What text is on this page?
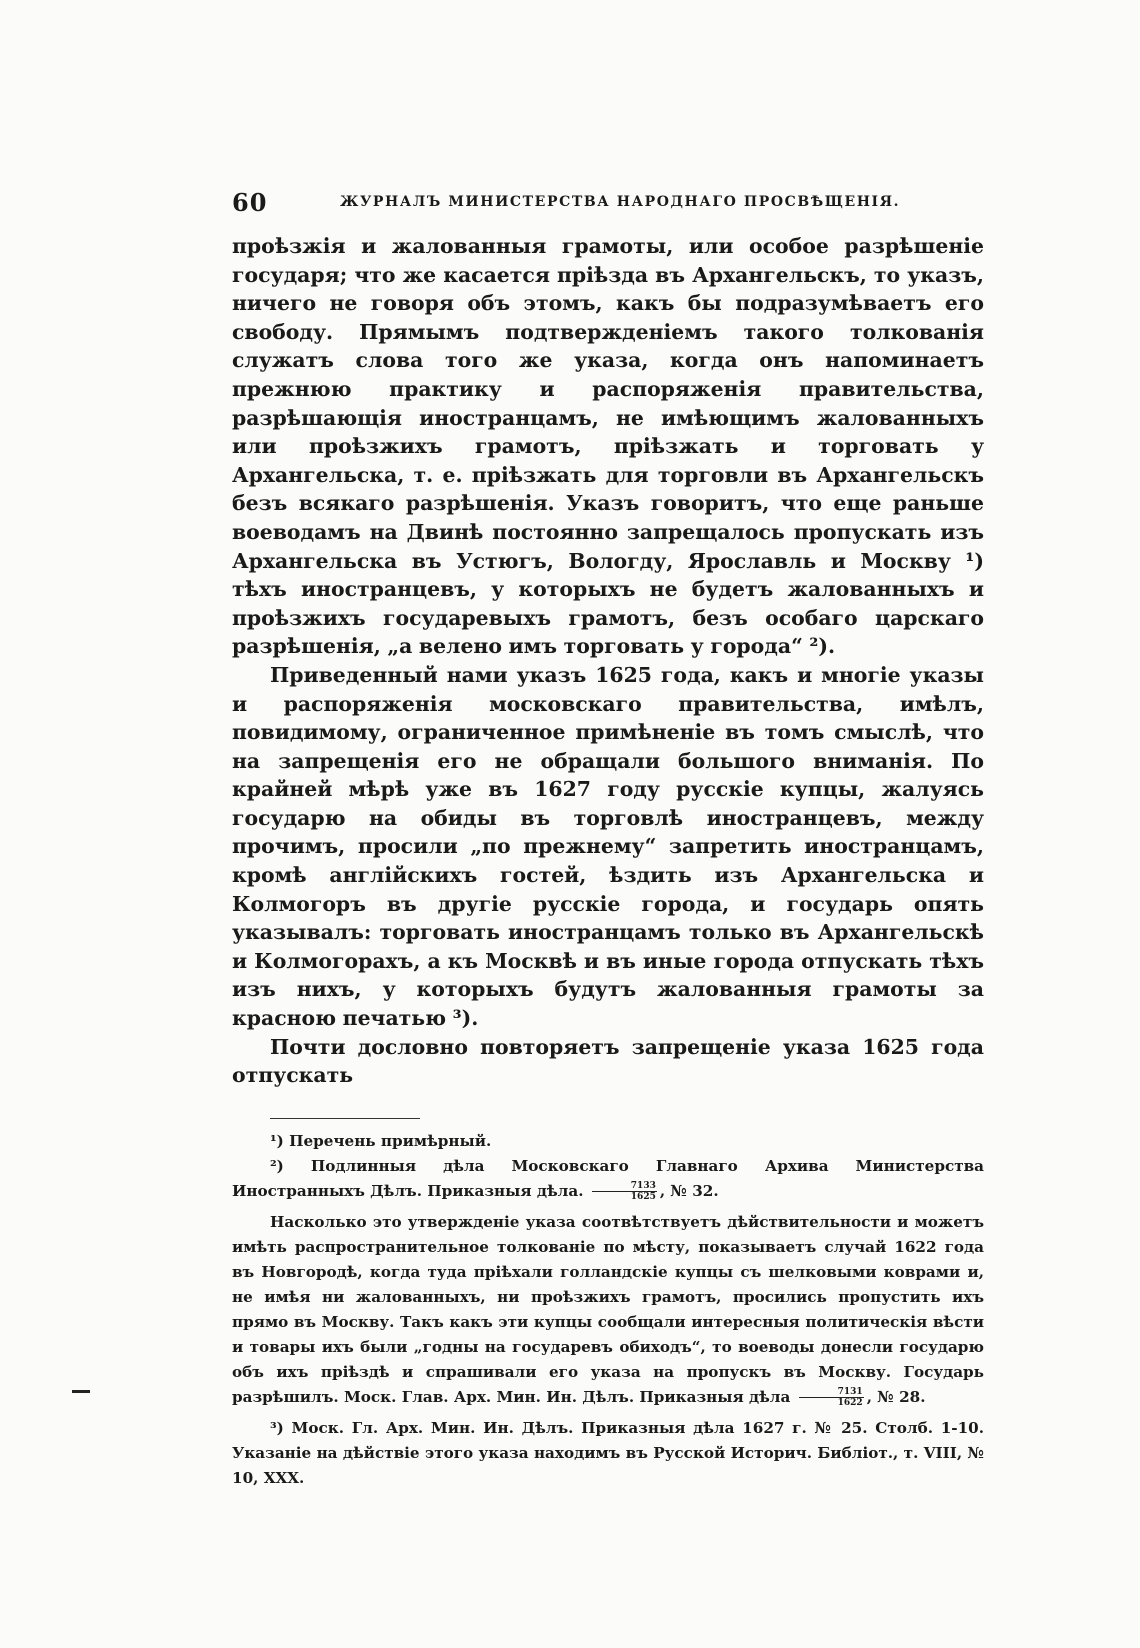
60	ЖУРНАЛЪ МИНИСТЕРСТВА НАРОДНАГО ПРОСВѢЩЕНІЯ.

проѣзжія и жалованныя грамоты, или особое разрѣшеніе государя; что же касается пріѣзда въ Архангельскъ, то указъ, ничего не говоря объ этомъ, какъ бы подразумѣваетъ его свободу. Прямымъ подтвержденіемъ такого толкованія служатъ слова того же указа, когда онъ напоминаетъ прежнюю практику и распоряженія правительства, разрѣшающія иностранцамъ, не имѣющимъ жалованныхъ или проѣзжихъ грамотъ, пріѣзжать и торговать у Архангельска, т. е. пріѣзжать для торговли въ Архангельскъ безъ всякаго разрѣшенія. Указъ говоритъ, что еще раньше воеводамъ на Двинѣ постоянно запрещалось пропускать изъ Архангельска въ Устюгъ, Вологду, Ярославль и Москву ¹) тѣхъ иностранцевъ, у которыхъ не будетъ жалованныхъ и проѣзжихъ государевыхъ грамотъ, безъ особаго царскаго разрѣшенія, „а велено имъ торговать у города“ ²).

Приведенный нами указъ 1625 года, какъ и многіе указы и распоряженія московскаго правительства, имѣлъ, повидимому, ограниченное примѣненіе въ томъ смыслѣ, что на запрещенія его не обращали большого вниманія. По крайней мѣрѣ уже въ 1627 году русскіе купцы, жалуясь государю на обиды въ торговлѣ иностранцевъ, между прочимъ, просили „по прежнему“ запретить иностранцамъ, кромѣ англійскихъ гостей, ѣздить изъ Архангельска и Колмогоръ въ другіе русскіе города, и государь опять указывалъ: торговать иностранцамъ только въ Архангельскѣ и Колмогорахъ, а къ Москвѣ и въ иные города отпускать тѣхъ изъ нихъ, у которыхъ будутъ жалованныя грамоты за красною печатью ³).

Почти дословно повторяетъ запрещеніе указа 1625 года отпускать

¹) Перечень примѣрный.

²) Подлинныя дѣла Московскаго Главнаго Архива Министерства Иностранныхъ Дѣлъ. Приказныя дѣла. $\frac{7133}{1625}$ , № 32.

Насколько это утвержденіе указа соотвѣтствуетъ дѣйствительности и можетъ имѣть распространительное толкованіе по мѣсту, показываетъ случай 1622 года въ Новгородѣ, когда туда пріѣхали голландскіе купцы съ шелковыми коврами и, не имѣя ни жалованныхъ, ни проѣзжихъ грамотъ, просились пропустить ихъ прямо въ Москву. Такъ какъ эти купцы сообщали интересныя политическія вѣсти и товары ихъ были „годны на государевъ обиходъ“, то воеводы донесли государю объ ихъ пріѣздѣ и спрашивали его указа на пропускъ въ Москву. Государь разрѣшилъ. Моск. Глав. Арх. Мин. Ин. Дѣлъ. Приказныя дѣла $\frac{7131}{1622}$ , № 28.

³) Моск. Гл. Арх. Мин. Ин. Дѣлъ. Приказныя дѣла 1627 г. № 25. Столб. 1-10. Указаніе на дѣйствіе этого указа находимъ въ Русской Историч. Библіот., т. VIII, № 10, XXX.
